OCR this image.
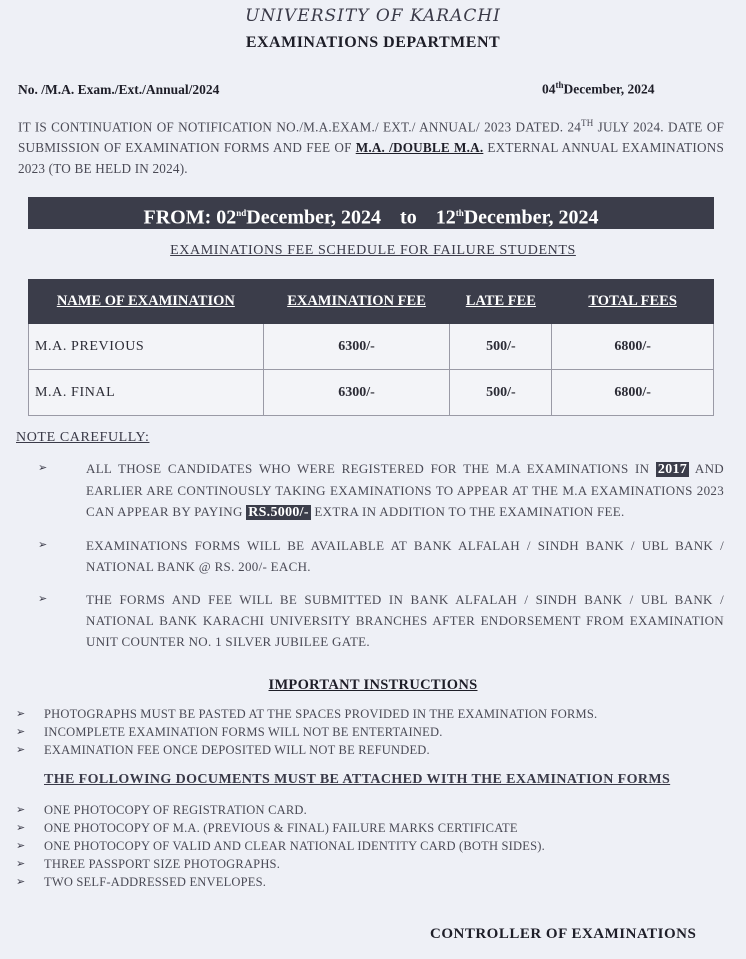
UNIVERSITY OF KARACHI
EXAMINATIONS DEPARTMENT
No. /M.A. Exam./Ext./Annual/2024	04thDecember, 2024
IT IS CONTINUATION OF NOTIFICATION NO./M.A.EXAM./ EXT./ ANNUAL/ 2023 DATED. 24TH JULY 2024. DATE OF SUBMISSION OF EXAMINATION FORMS AND FEE OF M.A. /DOUBLE M.A. EXTERNAL ANNUAL EXAMINATIONS 2023 (TO BE HELD IN 2024).
FROM: 02ndDecember, 2024 to 12thDecember, 2024
EXAMINATIONS FEE SCHEDULE FOR FAILURE STUDENTS
NAME OF EXAMINATION	EXAMINATION FEE	LATE FEE	TOTAL FEES
M.A. PREVIOUS	6300/-	500/-	6800/-
M.A. FINAL	6300/-	500/-	6800/-
NOTE CAREFULLY:
➢	ALL THOSE CANDIDATES WHO WERE REGISTERED FOR THE M.A EXAMINATIONS IN 2017 AND EARLIER ARE CONTINOUSLY TAKING EXAMINATIONS TO APPEAR AT THE M.A EXAMINATIONS 2023 CAN APPEAR BY PAYING RS.5000/- EXTRA IN ADDITION TO THE EXAMINATION FEE.
➢	EXAMINATIONS FORMS WILL BE AVAILABLE AT BANK ALFALAH / SINDH BANK / UBL BANK / NATIONAL BANK @ RS. 200/- EACH.
➢	THE FORMS AND FEE WILL BE SUBMITTED IN BANK ALFALAH / SINDH BANK / UBL BANK / NATIONAL BANK KARACHI UNIVERSITY BRANCHES AFTER ENDORSEMENT FROM EXAMINATION UNIT COUNTER NO. 1 SILVER JUBILEE GATE.
IMPORTANT INSTRUCTIONS
➢ PHOTOGRAPHS MUST BE PASTED AT THE SPACES PROVIDED IN THE EXAMINATION FORMS.
➢ INCOMPLETE EXAMINATION FORMS WILL NOT BE ENTERTAINED.
➢ EXAMINATION FEE ONCE DEPOSITED WILL NOT BE REFUNDED.
THE FOLLOWING DOCUMENTS MUST BE ATTACHED WITH THE EXAMINATION FORMS
➢ ONE PHOTOCOPY OF REGISTRATION CARD.
➢ ONE PHOTOCOPY OF M.A. (PREVIOUS & FINAL) FAILURE MARKS CERTIFICATE
➢ ONE PHOTOCOPY OF VALID AND CLEAR NATIONAL IDENTITY CARD (BOTH SIDES).
➢ THREE PASSPORT SIZE PHOTOGRAPHS.
➢ TWO SELF-ADDRESSED ENVELOPES.
CONTROLLER OF EXAMINATIONS
